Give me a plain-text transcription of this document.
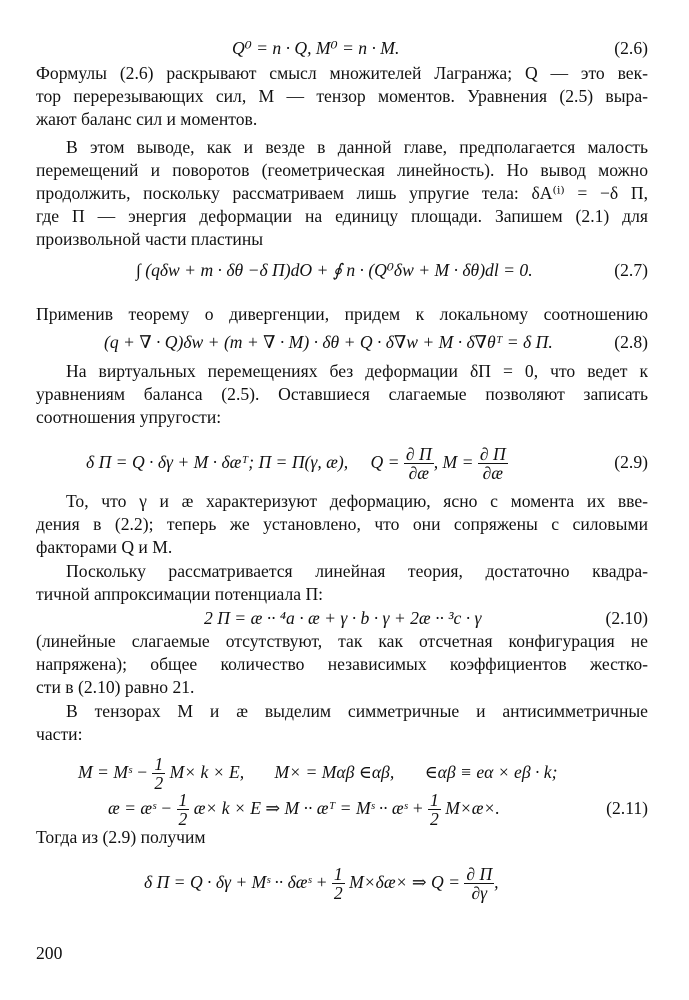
Q⁰ = n · Q, M⁰ = n · M.	(2.6)
Формулы (2.6) раскрывают смысл множителей Лагранжа; Q — это век-
тор перерезывающих сил, M — тензор моментов. Уравнения (2.5) выра-
жают баланс сил и моментов.
В этом выводе, как и везде в данной главе, предполагается малость
перемещений и поворотов (геометрическая линейность). Но вывод можно
продолжить, поскольку рассматриваем лишь упругие тела: δA⁽ⁱ⁾ = −δ Π,
где Π — энергия деформации на единицу площади. Запишем (2.1) для
произвольной части пластины
∫ (qδw + m · δθ −δ Π)dO + ∮ n · (Q⁰δw + M · δθ)dl = 0.	(2.7)
Применив теорему о дивергенции, придем к локальному соотношению
(q + ∇ · Q)δw + (m + ∇ · M) · δθ + Q · δ∇w + M · δ∇θᵀ = δ Π.	(2.8)
На виртуальных перемещениях без деформации δΠ = 0, что ведет к
уравнениям баланса (2.5). Оставшиеся слагаемые позволяют записать
соотношения упругости:
δ Π = Q · δγ + M · δæᵀ; Π = Π(γ, æ), $Q = \frac{\partial \Pi}{\partial æ}$ , $M = \frac{\partial \Pi}{\partial æ}$	(2.9)
То, что γ и æ характеризуют деформацию, ясно с момента их вве-
дения в (2.2); теперь же установлено, что они сопряжены с силовыми
факторами Q и M.
Поскольку рассматривается линейная теория, достаточно квадра-
тичной аппроксимации потенциала Π:
2 Π = æ ·· ⁴a · æ + γ · b · γ + 2æ ·· ³c · γ	(2.10)
(линейные слагаемые отсутствуют, так как отсчетная конфигурация не
напряжена); общее количество независимых коэффициентов жестко-
сти в (2.10) равно 21.
В тензорах M и æ выделим симметричные и антисимметричные
части:
M = Mˢ − $\frac{1}{2} M\times k \times E$, M× = Mαβ ∈αβ, ∈αβ ≡ eα × eβ · k;
æ = æˢ − $\frac{1}{2}$ æ× k × E ⇒ M ·· æᵀ = Mˢ ·· æˢ + $\frac{1}{2}$ M×æ×.	(2.11)
Тогда из (2.9) получим
δ Π = Q · δγ + Mˢ ·· δæˢ + $\frac{1}{2}$ M×δæ× ⇒ $Q = \frac{\partial \Pi}{\partial\gamma}$ ,
200
